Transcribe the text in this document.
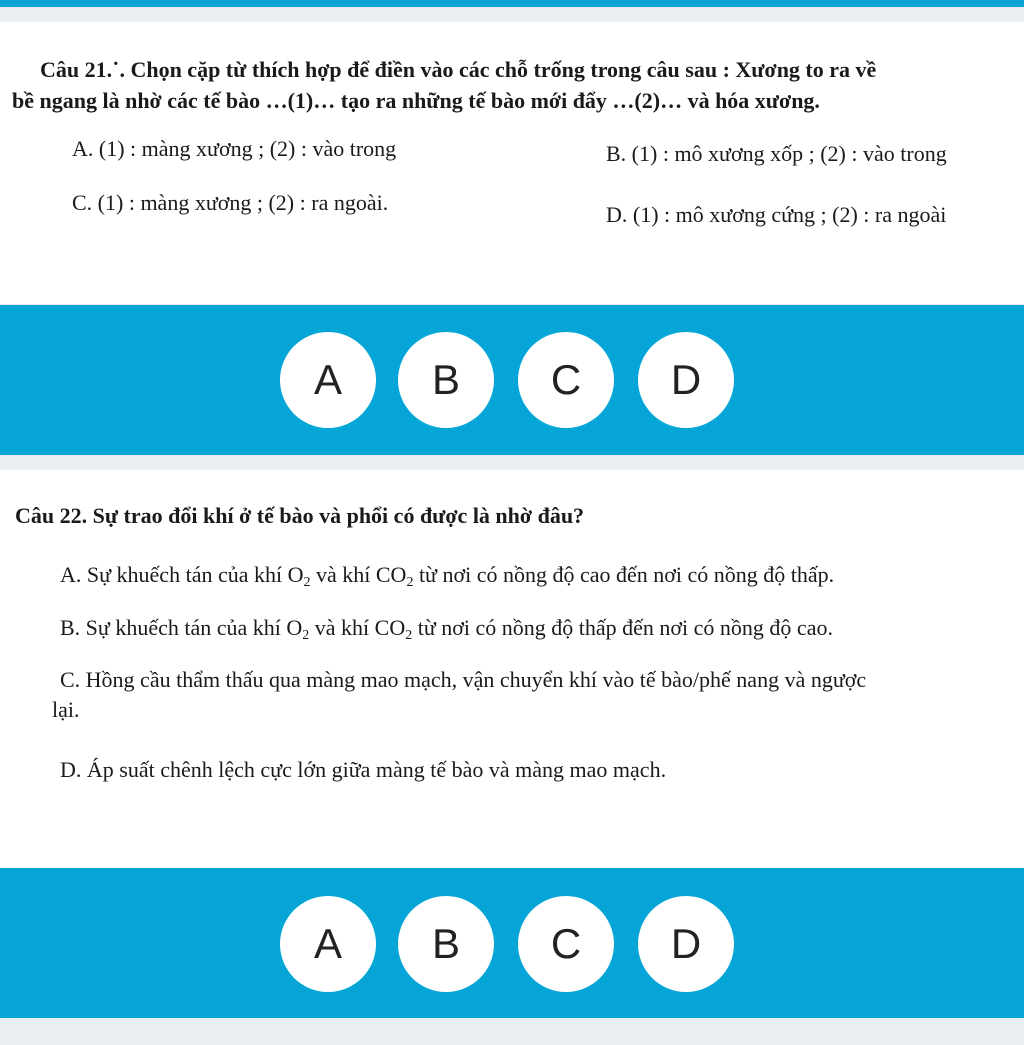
Câu 21.˙. Chọn cặp từ thích hợp để điền vào các chỗ trống trong câu sau : Xương to ra về
bề ngang là nhờ các tế bào …(1)… tạo ra những tế bào mới đẩy …(2)… và hóa xương.
A. (1) : màng xương ; (2) : vào trong	B. (1) : mô xương xốp ; (2) : vào trong
C. (1) : màng xương ; (2) : ra ngoài.	D. (1) : mô xương cứng ; (2) : ra ngoài
A	B	C	D
Câu 22. Sự trao đổi khí ở tế bào và phổi có được là nhờ đâu?
A. Sự khuếch tán của khí $O_2$ và khí $CO_2$ từ nơi có nồng độ cao đến nơi có nồng độ thấp.
B. Sự khuếch tán của khí $O_2$ và khí $CO_2$ từ nơi có nồng độ thấp đến nơi có nồng độ cao.
C. Hồng cầu thẩm thấu qua màng mao mạch, vận chuyển khí vào tế bào/phế nang và ngược
lại.
D. Áp suất chênh lệch cực lớn giữa màng tế bào và màng mao mạch.
A	B	C	D
